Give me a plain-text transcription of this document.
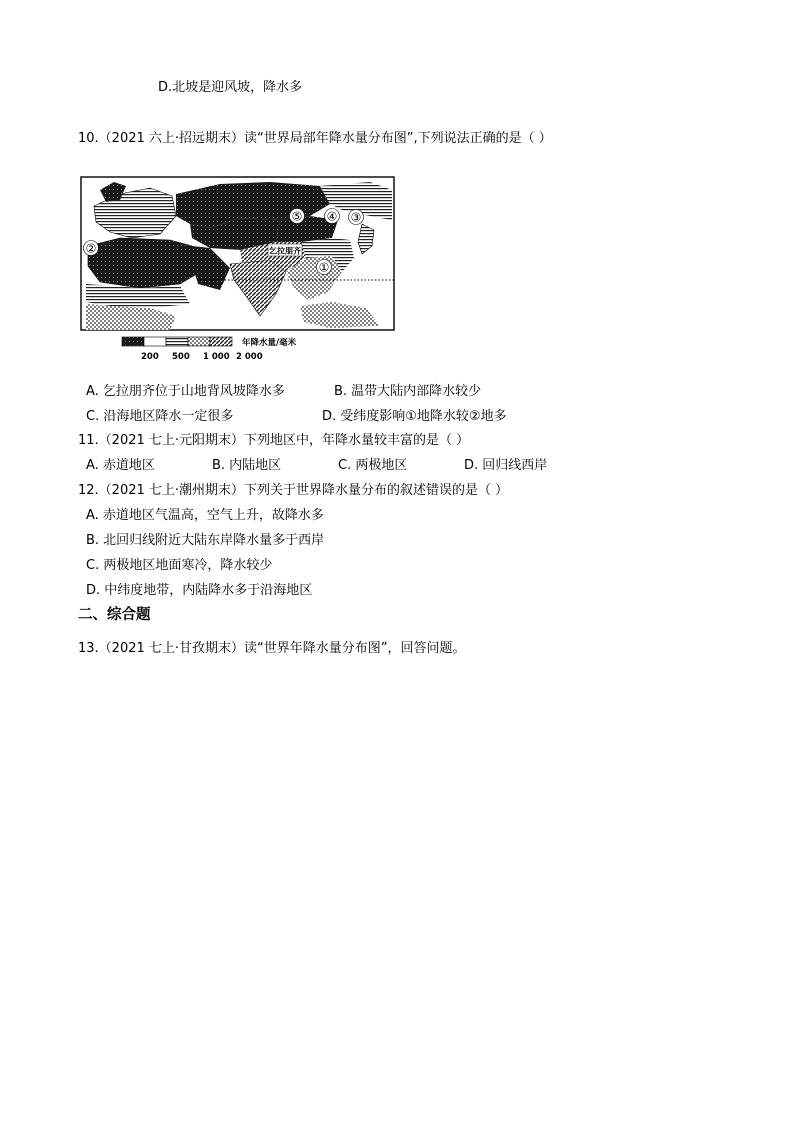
D.北坡是迎风坡，降水多
10.（2021 六上·招远期末）读“世界局部年降水量分布图”,下列说法正确的是（ ）
乞拉朋齐
①
②
③
④
⑤
年降水量/毫米
200 500 1 000 2 000
A. 乞拉朋齐位于山地背风坡降水多	B. 温带大陆内部降水较少
C. 沿海地区降水一定很多	D. 受纬度影响①地降水较②地多
11.（2021 七上·元阳期末）下列地区中，年降水量较丰富的是（ ）
A. 赤道地区	B. 内陆地区	C. 两极地区	D. 回归线西岸
12.（2021 七上·潮州期末）下列关于世界降水量分布的叙述错误的是（ ）
A. 赤道地区气温高，空气上升，故降水多
B. 北回归线附近大陆东岸降水量多于西岸
C. 两极地区地面寒冷，降水较少
D. 中纬度地带，内陆降水多于沿海地区
二、综合题
13.（2021 七上·甘孜期末）读“世界年降水量分布图”，回答问题。
